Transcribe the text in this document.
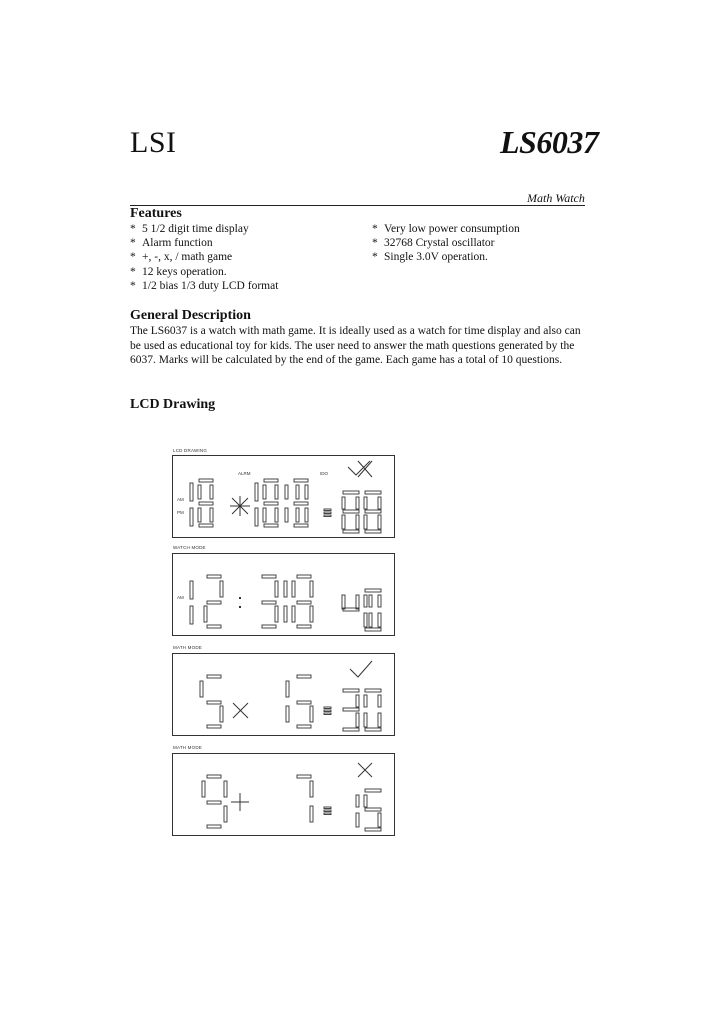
LSI	LS6037
Math Watch
Features
* 5 1/2 digit time display
* Alarm function
* +, -, x, / math game
* 12 keys operation.
* 1/2 bias 1/3 duty LCD format
* Very low power consumption
* 32768 Crystal oscillator
* Single 3.0V operation.
General Description
The LS6037 is a watch with math game. It is ideally used as a watch for time display and also can be used as educational toy for kids. The user need to answer the math questions generated by the 6037. Marks will be calculated by the end of the game. Each game has a total of 10 questions.
LCD Drawing
LCD DRAWING
WATCH MODE
MATH MODE
MATH MODE
ALRM	IDO
AM
PM
AM
